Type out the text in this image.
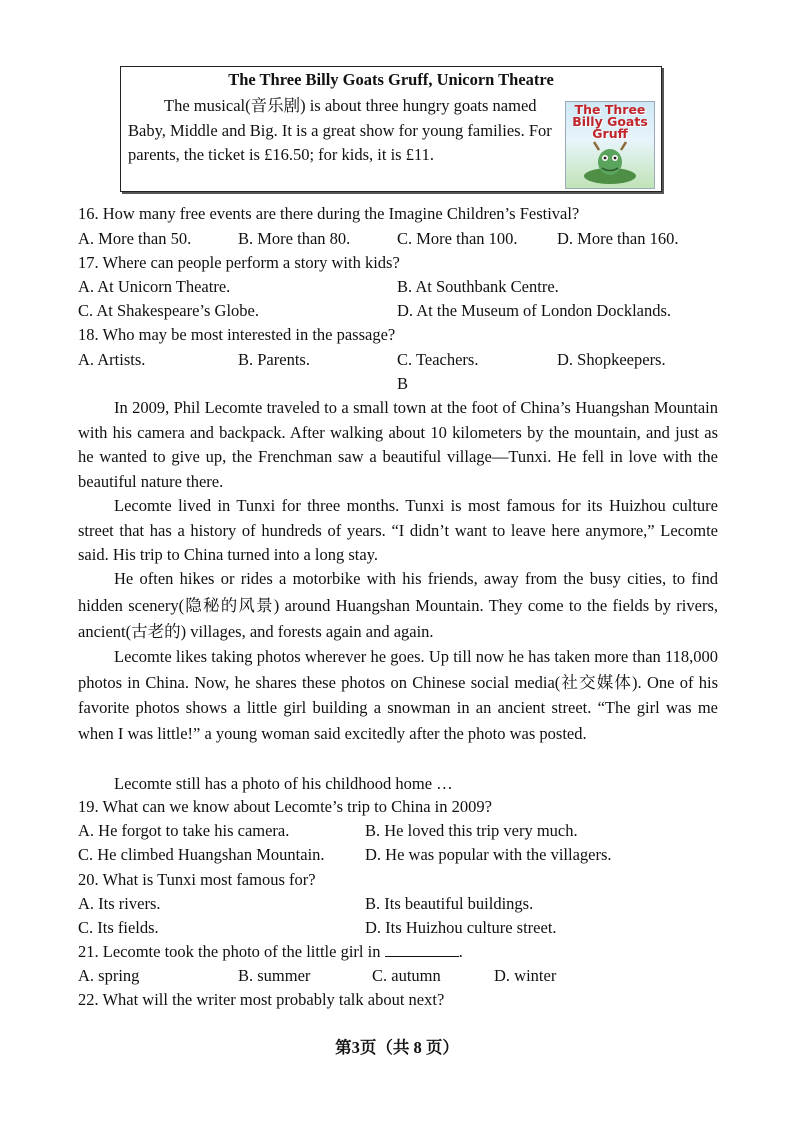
The Three Billy Goats Gruff, Unicorn Theatre
The musical(音乐剧) is about three hungry goats named Baby, Middle and Big. It is a great show for young families. For parents, the ticket is £16.50; for kids, it is £11.
The Three Billy Goats Gruff
16. How many free events are there during the Imagine Children’s Festival?
A. More than 50.	B. More than 80.	C. More than 100. D. More than 160.
17. Where can people perform a story with kids?
A. At Unicorn Theatre.	B. At Southbank Centre.
C. At Shakespeare’s Globe.	D. At the Museum of London Docklands.
18. Who may be most interested in the passage?
A. Artists.	B. Parents.	C. Teachers.	D. Shopkeepers.
B
In 2009, Phil Lecomte traveled to a small town at the foot of China’s Huangshan Mountain with his camera and backpack. After walking about 10 kilometers by the mountain, and just as he wanted to give up, the Frenchman saw a beautiful village—Tunxi. He fell in love with the beautiful nature there.
Lecomte lived in Tunxi for three months. Tunxi is most famous for its Huizhou culture street that has a history of hundreds of years. “I didn’t want to leave here anymore,” Lecomte said. His trip to China turned into a long stay.
He often hikes or rides a motorbike with his friends, away from the busy cities, to find hidden scenery(隐秘的风景) around Huangshan Mountain. They come to the fields by rivers, ancient(古老的) villages, and forests again and again.
Lecomte likes taking photos wherever he goes. Up till now he has taken more than 118,000 photos in China. Now, he shares these photos on Chinese social media(社交媒体). One of his favorite photos shows a little girl building a snowman in an ancient street. “The girl was me when I was little!” a young woman said excitedly after the photo was posted.
Lecomte still has a photo of his childhood home …
19. What can we know about Lecomte’s trip to China in 2009?
A. He forgot to take his camera.	B. He loved this trip very much.
C. He climbed Huangshan Mountain. D. He was popular with the villagers.
20. What is Tunxi most famous for?
A. Its rivers.	B. Its beautiful buildings.
C. Its fields.	D. Its Huizhou culture street.
21. Lecomte took the photo of the little girl in	.
A. spring	B. summer	C. autumn	D. winter
22. What will the writer most probably talk about next?
第3页（共 8 页）
